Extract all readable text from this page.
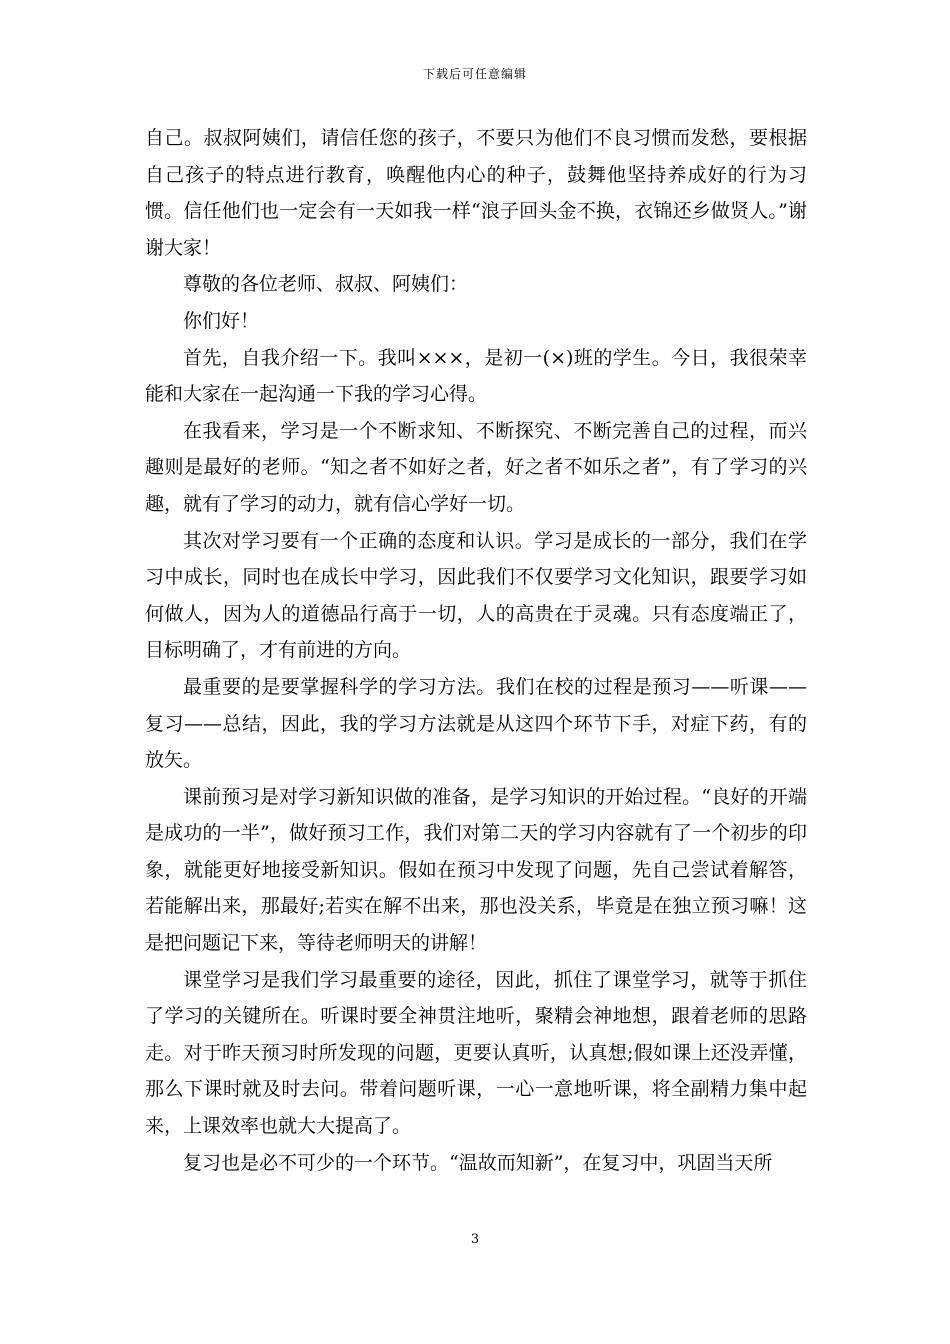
下载后可任意编辑

自己。叔叔阿姨们，请信任您的孩子，不要只为他们不良习惯而发愁，要根据自己孩子的特点进行教育，唤醒他内心的种子，鼓舞他坚持养成好的行为习惯。信任他们也一定会有一天如我一样“浪子回头金不换，衣锦还乡做贤人。”谢谢大家！

尊敬的各位老师、叔叔、阿姨们：

你们好！

首先，自我介绍一下。我叫×××，是初一(×)班的学生。今日，我很荣幸能和大家在一起沟通一下我的学习心得。

在我看来，学习是一个不断求知、不断探究、不断完善自己的过程，而兴趣则是最好的老师。“知之者不如好之者，好之者不如乐之者”，有了学习的兴趣，就有了学习的动力，就有信心学好一切。

其次对学习要有一个正确的态度和认识。学习是成长的一部分，我们在学习中成长，同时也在成长中学习，因此我们不仅要学习文化知识，跟要学习如何做人，因为人的道德品行高于一切，人的高贵在于灵魂。只有态度端正了，目标明确了，才有前进的方向。

最重要的是要掌握科学的学习方法。我们在校的过程是预习——听课——复习——总结，因此，我的学习方法就是从这四个环节下手，对症下药，有的放矢。

课前预习是对学习新知识做的准备，是学习知识的开始过程。“良好的开端是成功的一半”，做好预习工作，我们对第二天的学习内容就有了一个初步的印象，就能更好地接受新知识。假如在预习中发现了问题，先自己尝试着解答，若能解出来，那最好;若实在解不出来，那也没关系，毕竟是在独立预习嘛！这是把问题记下来，等待老师明天的讲解！

课堂学习是我们学习最重要的途径，因此，抓住了课堂学习，就等于抓住了学习的关键所在。听课时要全神贯注地听，聚精会神地想，跟着老师的思路走。对于昨天预习时所发现的问题，更要认真听，认真想;假如课上还没弄懂，那么下课时就及时去问。带着问题听课，一心一意地听课，将全副精力集中起来，上课效率也就大大提高了。

复习也是必不可少的一个环节。“温故而知新”，在复习中，巩固当天所

3
